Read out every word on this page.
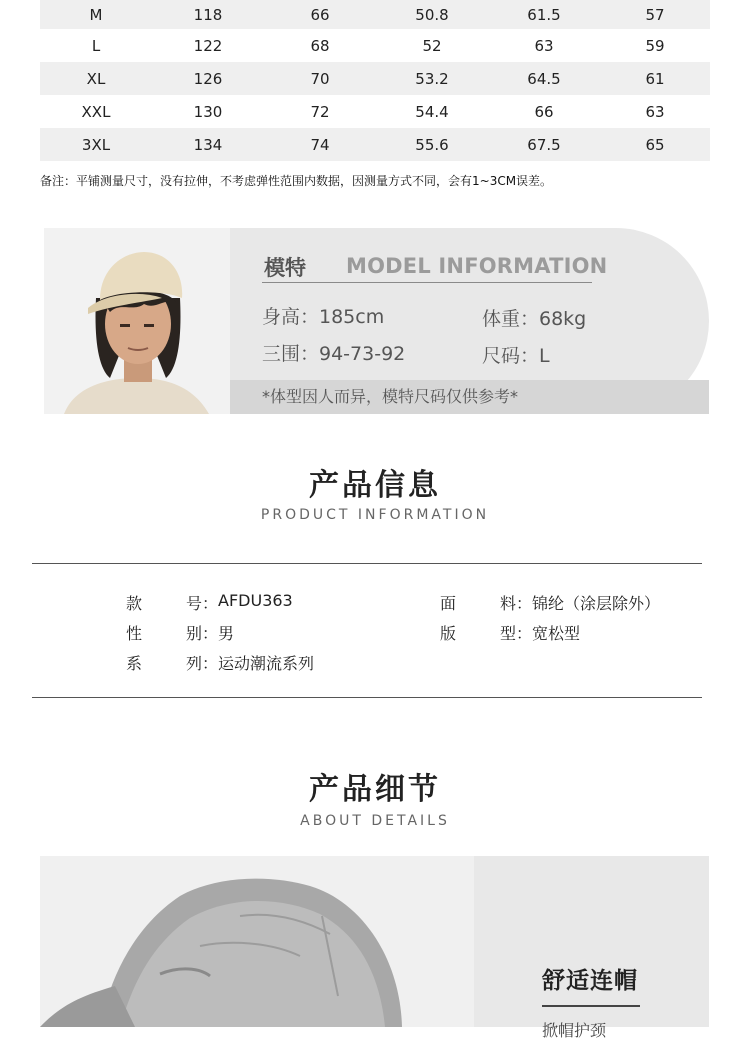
M	118	66	50.8	61.5	57
L	122	68	52	63	59
XL	126	70	53.2	64.5	61
XXL	130	72	54.4	66	63
3XL	134	74	55.6	67.5	65
备注：平铺测量尺寸，没有拉伸，不考虑弹性范围内数据，因测量方式不同，会有1~3CM误差。
模特 MODEL INFORMATION
身高：185cm	体重：68kg
三围：94-73-92	尺码：L
*体型因人而异，模特尺码仅供参考*
产品信息
PRODUCT INFORMATION
款	号 ： AFDU363	面	料 ： 锦纶（涂层除外）
性	别 ： 男	版	型 ： 宽松型
系	列 ： 运动潮流系列
产品细节
ABOUT DETAILS
舒适连帽
掀帽护颈
